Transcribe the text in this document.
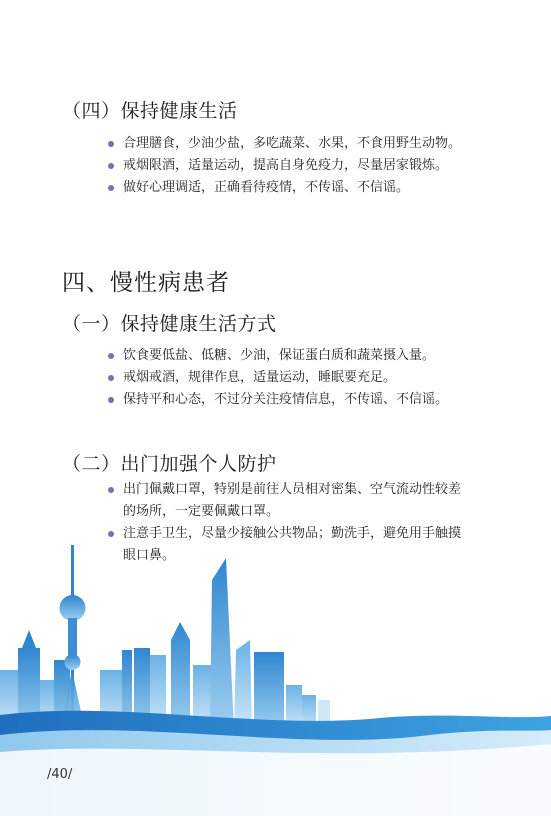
（四）保持健康生活
合理膳食，少油少盐，多吃蔬菜、水果，不食用野生动物。
戒烟限酒，适量运动，提高自身免疫力，尽量居家锻炼。
做好心理调适，正确看待疫情，不传谣、不信谣。
四、慢性病患者
（一）保持健康生活方式
饮食要低盐、低糖、少油，保证蛋白质和蔬菜摄入量。
戒烟戒酒，规律作息，适量运动，睡眠要充足。
保持平和心态，不过分关注疫情信息，不传谣、不信谣。
（二）出门加强个人防护
出门佩戴口罩，特别是前往人员相对密集、空气流动性较差的场所，一定要佩戴口罩。
注意手卫生，尽量少接触公共物品；勤洗手，避免用手触摸眼口鼻。
/40/
